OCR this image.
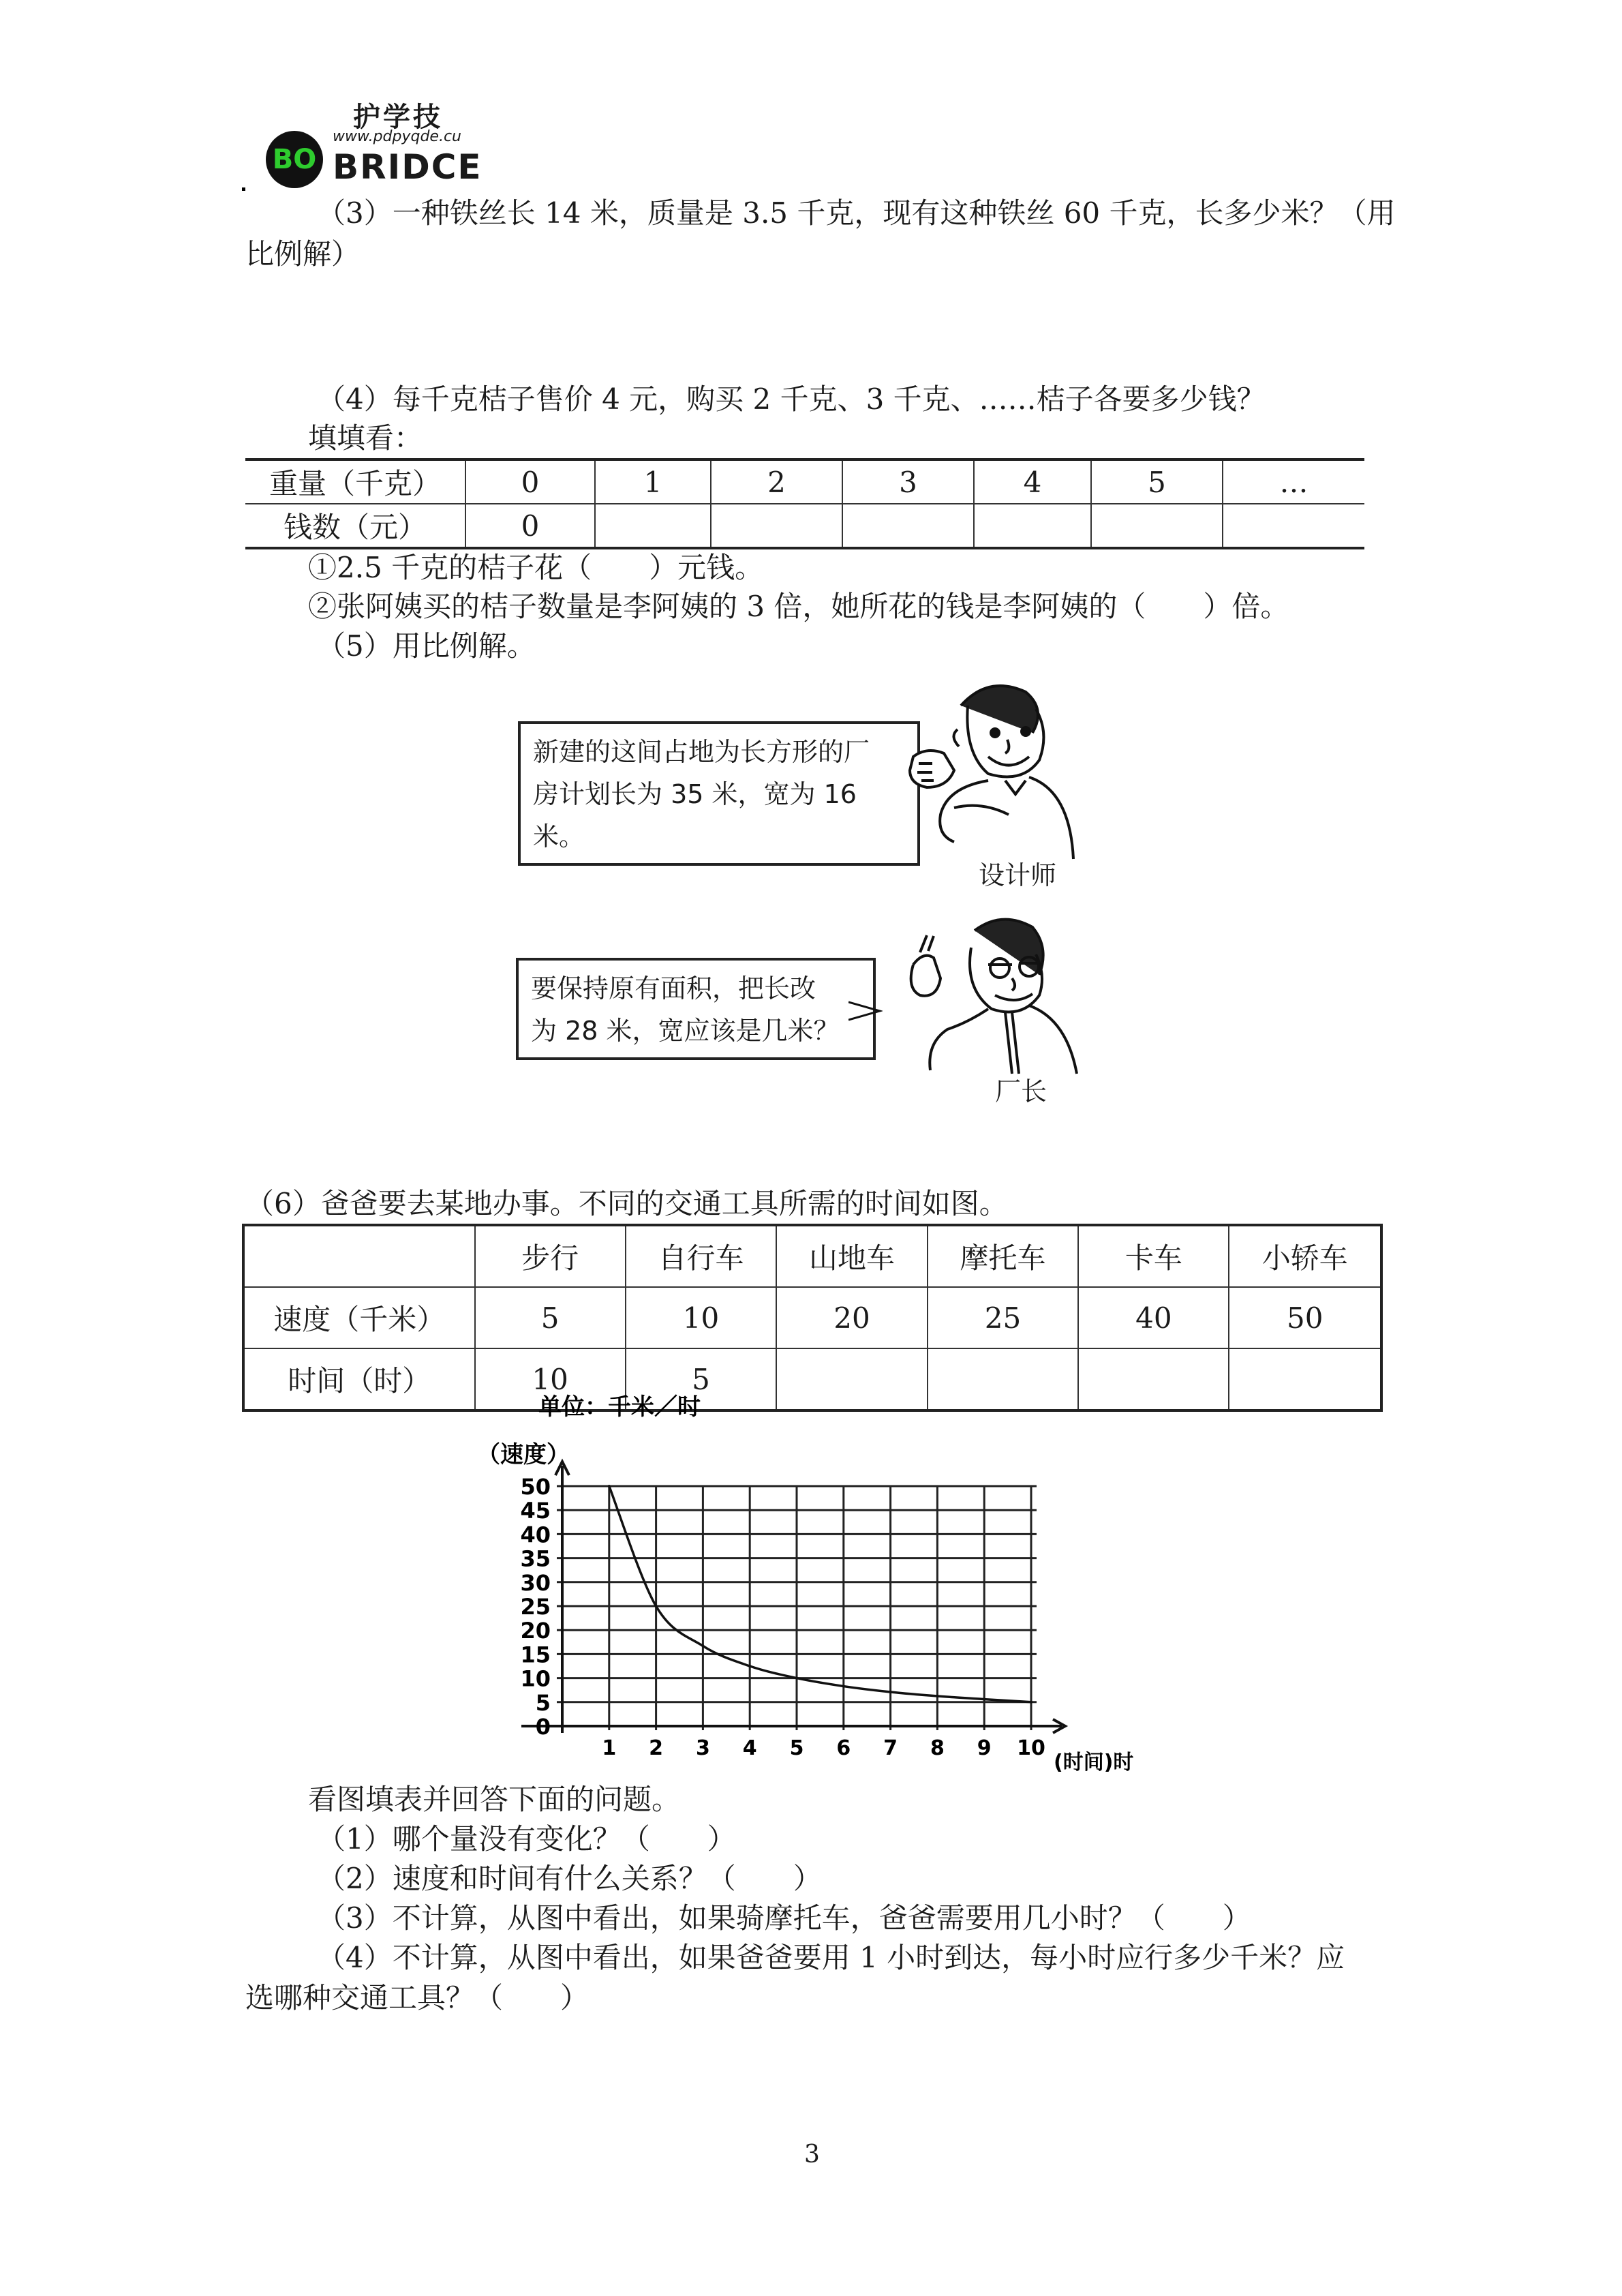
护学技
www.pdpyqde.cu
BO BRIDCE
（3）一种铁丝长 14 米，质量是 3.5 千克，现有这种铁丝 60 千克，长多少米？（用
比例解）
（4）每千克桔子售价 4 元，购买 2 千克、3 千克、……桔子各要多少钱？
填填看：
重量（千克）	0	1	2	3	4	5	…
钱数（元）	0						
①2.5 千克的桔子花（　　）元钱。
②张阿姨买的桔子数量是李阿姨的 3 倍，她所花的钱是李阿姨的（　　）倍。
（5）用比例解。
新建的这间占地为长方形的厂
房计划长为 35 米，宽为 16 米。
设计师
要保持原有面积，把长改
为 28 米，宽应该是几米？
厂长
（6）爸爸要去某地办事。不同的交通工具所需的时间如图。
	步行	自行车	山地车	摩托车	卡车	小轿车
速度（千米）	5	10	20	25	40	50
时间（时）	10	5				
0
5
10
15
20
25
30
35
40
45
50
1 2 3 4 5 6 7 8 9 10
单位：千米／时
（速度）
(时间)时
看图填表并回答下面的问题。
（1）哪个量没有变化？（　　）
（2）速度和时间有什么关系？（　　）
（3）不计算，从图中看出，如果骑摩托车，爸爸需要用几小时？（　　）
（4）不计算，从图中看出，如果爸爸要用 1 小时到达，每小时应行多少千米？应
选哪种交通工具？（　　）
3
